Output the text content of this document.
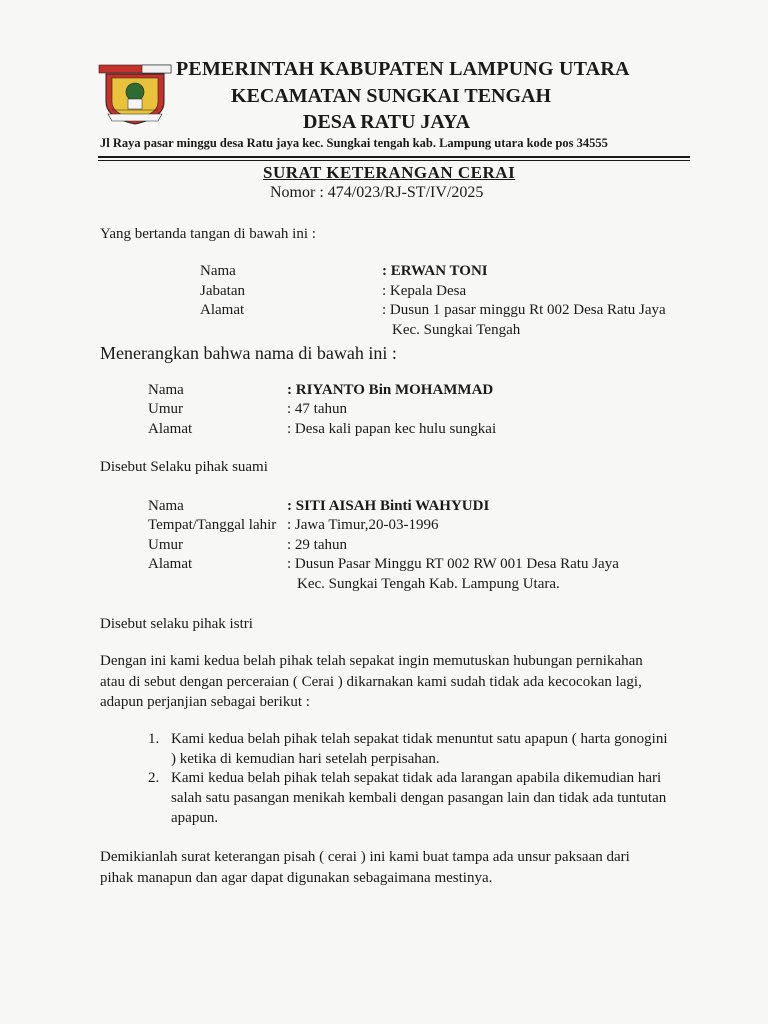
PEMERINTAH KABUPATEN LAMPUNG UTARA
KECAMATAN SUNGKAI TENGAH
DESA RATU JAYA
Jl Raya pasar minggu desa Ratu jaya kec. Sungkai tengah kab. Lampung utara kode pos 34555
SURAT KETERANGAN CERAI
Nomor : 474/023/RJ-ST/IV/2025
Yang bertanda tangan di bawah ini :
Nama	: ERWAN TONI
Jabatan	: Kepala Desa
Alamat	: Dusun 1 pasar minggu Rt 002 Desa Ratu Jaya
Kec. Sungkai Tengah
Menerangkan bahwa nama di bawah ini :
Nama	: RIYANTO Bin MOHAMMAD
Umur	: 47 tahun
Alamat	: Desa kali papan kec hulu sungkai
Disebut Selaku pihak suami
Nama	: SITI AISAH Binti WAHYUDI
Tempat/Tanggal lahir : Jawa Timur,20-03-1996
Umur	: 29 tahun
Alamat	: Dusun Pasar Minggu RT 002 RW 001 Desa Ratu Jaya
Kec. Sungkai Tengah Kab. Lampung Utara.
Disebut selaku pihak istri
Dengan ini kami kedua belah pihak telah sepakat ingin memutuskan hubungan pernikahan
atau di sebut dengan perceraian ( Cerai ) dikarnakan kami sudah tidak ada kecocokan lagi,
adapun perjanjian sebagai berikut :
1. Kami kedua belah pihak telah sepakat tidak menuntut satu apapun ( harta gonogini
) ketika di kemudian hari setelah perpisahan.
2. Kami kedua belah pihak telah sepakat tidak ada larangan apabila dikemudian hari
salah satu pasangan menikah kembali dengan pasangan lain dan tidak ada tuntutan
apapun.
Demikianlah surat keterangan pisah ( cerai ) ini kami buat tampa ada unsur paksaan dari
pihak manapun dan agar dapat digunakan sebagaimana mestinya.
